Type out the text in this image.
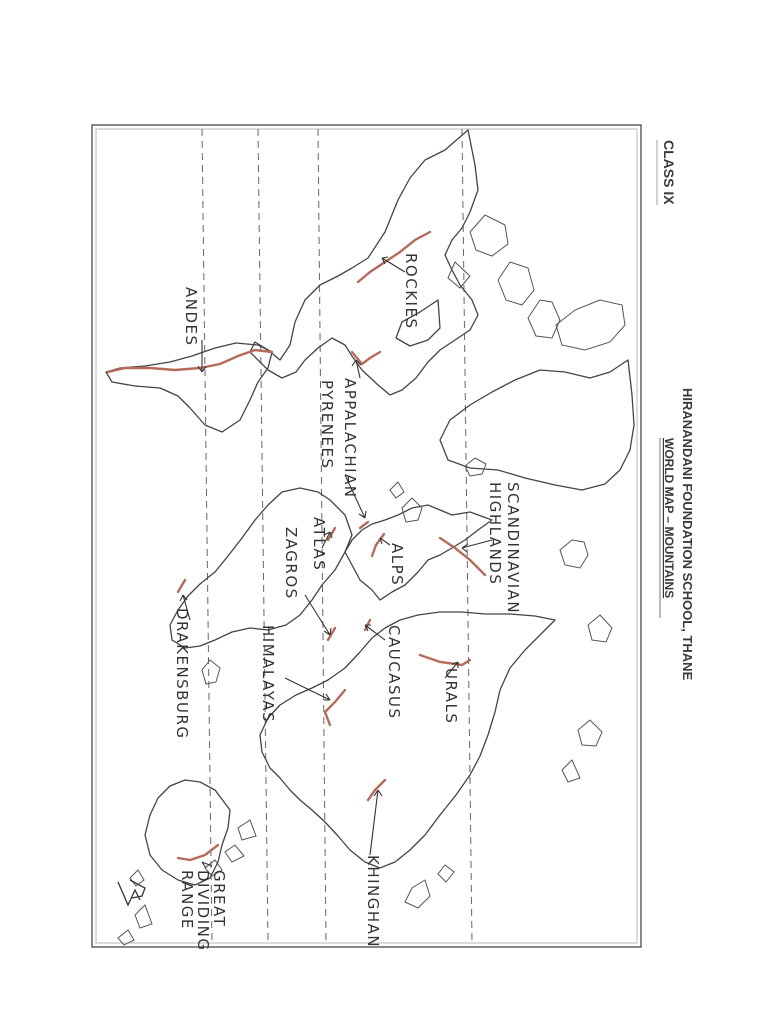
ROCKIES
ANDES
APPALACHIAN
PYRENEES
ATLAS
ZAGROS	ALPS	SCANDINAVIAN
HIGHLANDS
CAUCASUS	URALS
HIMALAYAS
DRAKENSBURG
KHINGHAN
GREAT
DIVIDING
RANGE
CLASS IX
HIRANANDANI FOUNDATION SCHOOL, THANE
WORLD MAP – MOUNTAINS
